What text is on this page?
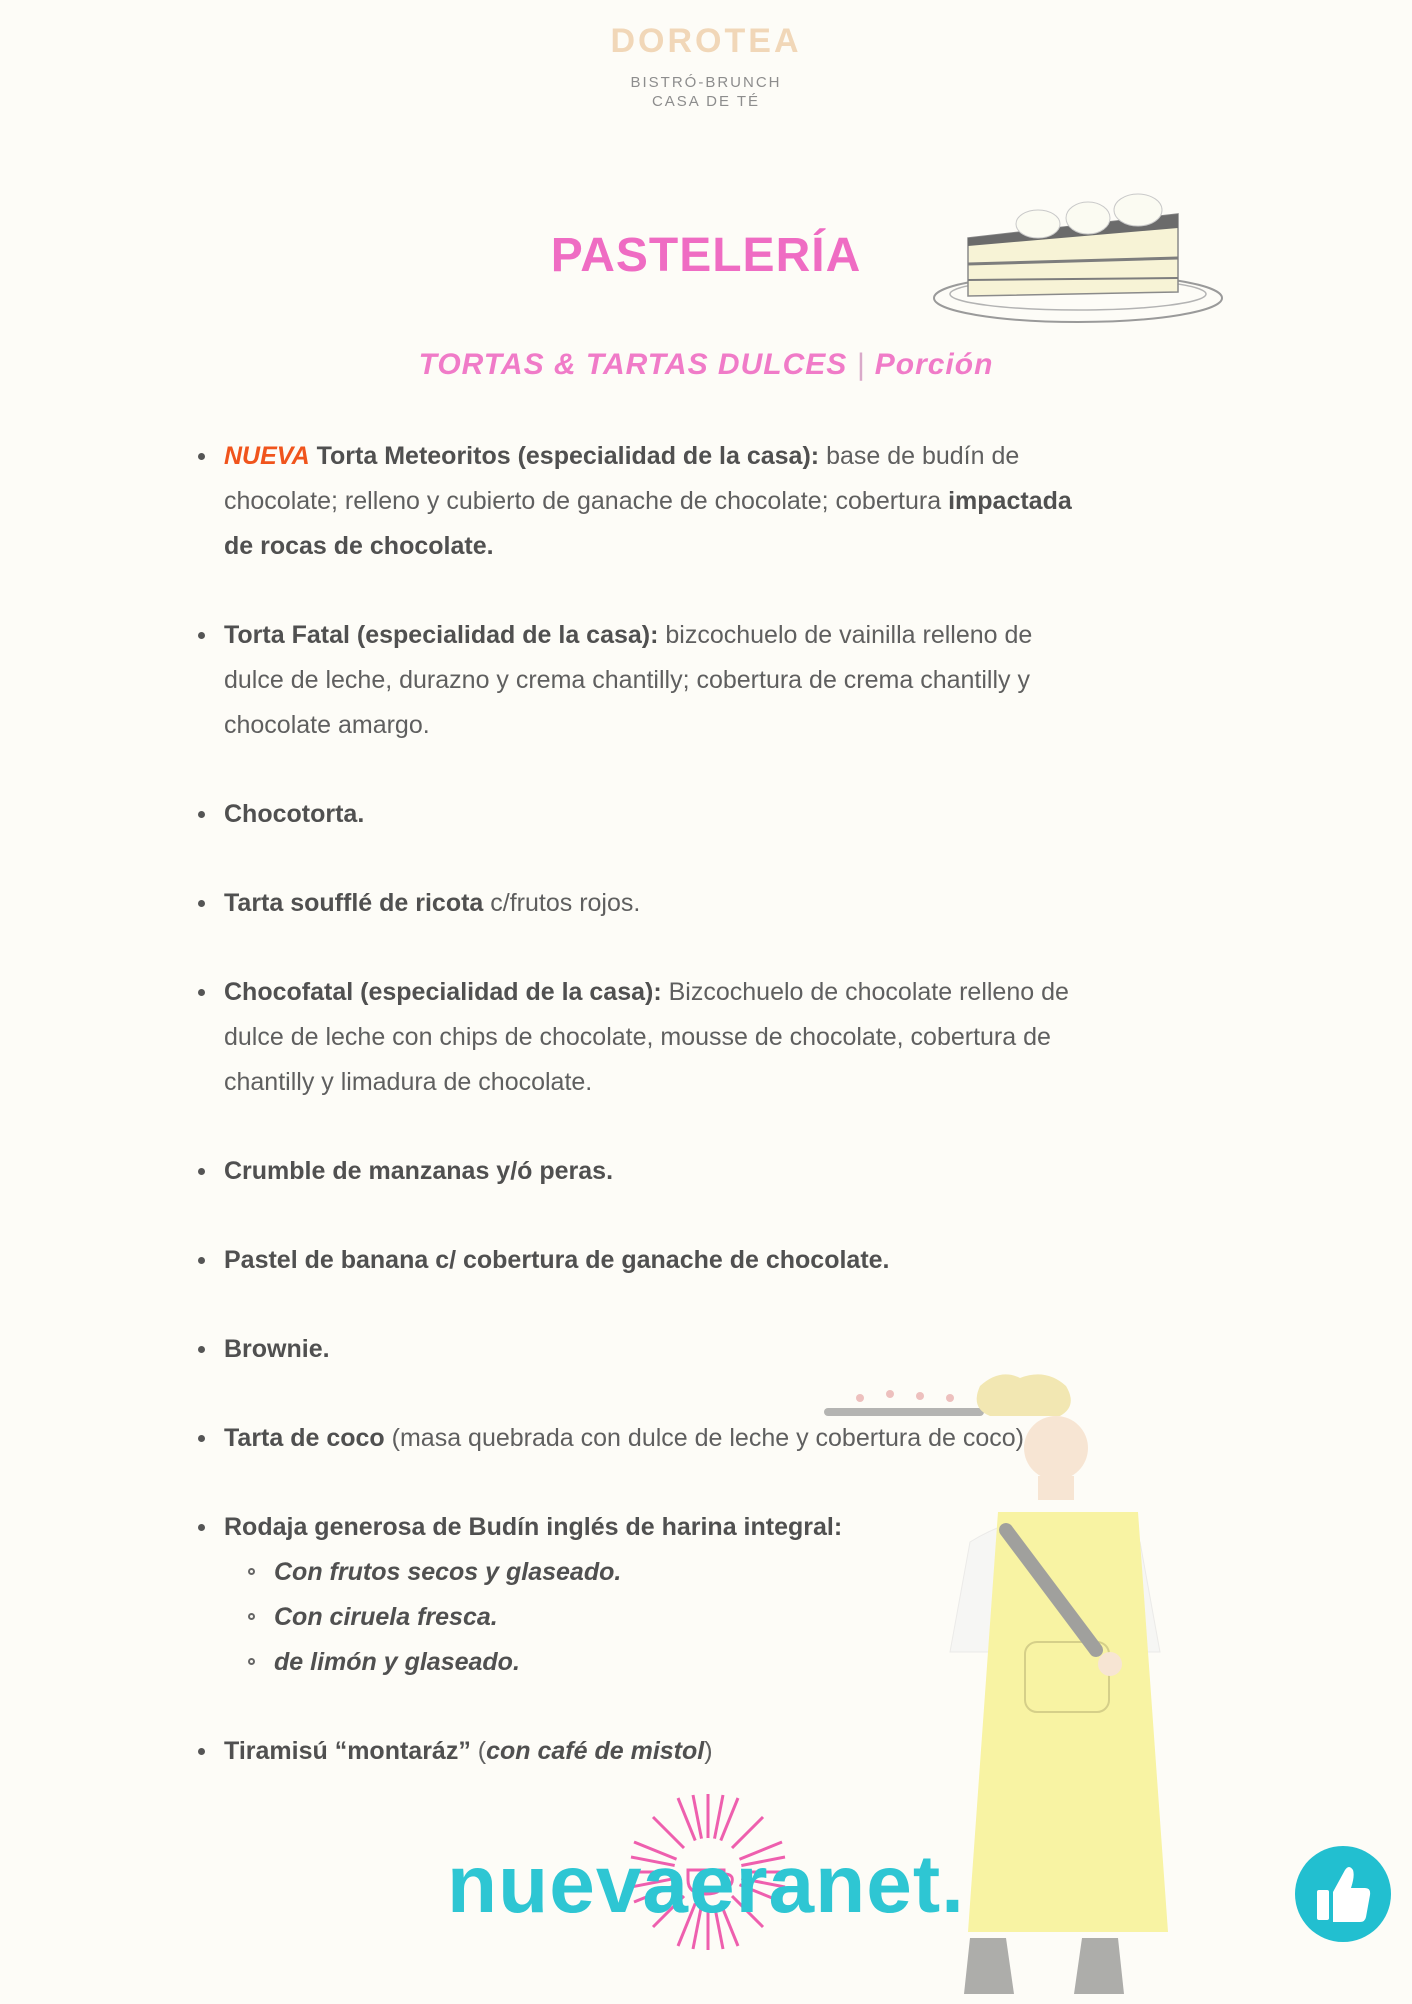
DOROTEA
BISTRÓ-BRUNCH
CASA DE TÉ
PASTELERÍA
TORTAS & TARTAS DULCES | Porción
NUEVA Torta Meteoritos (especialidad de la casa): base de budín de chocolate; relleno y cubierto de ganache de chocolate; cobertura impactada de rocas de chocolate.
Torta Fatal (especialidad de la casa): bizcochuelo de vainilla relleno de dulce de leche, durazno y crema chantilly; cobertura de crema chantilly y chocolate amargo.
Chocotorta.
Tarta soufflé de ricota c/frutos rojos.
Chocofatal (especialidad de la casa): Bizcochuelo de chocolate relleno de dulce de leche con chips de chocolate, mousse de chocolate, cobertura de chantilly y limadura de chocolate.
Crumble de manzanas y/ó peras.
Pastel de banana c/ cobertura de ganache de chocolate.
Brownie.
Tarta de coco (masa quebrada con dulce de leche y cobertura de coco)
Rodaja generosa de Budín inglés de harina integral:
Con frutos secos y glaseado.
Con ciruela fresca.
de limón y glaseado.
Tiramisú “montaráz” (con café de mistol)
nuevaeranet.
